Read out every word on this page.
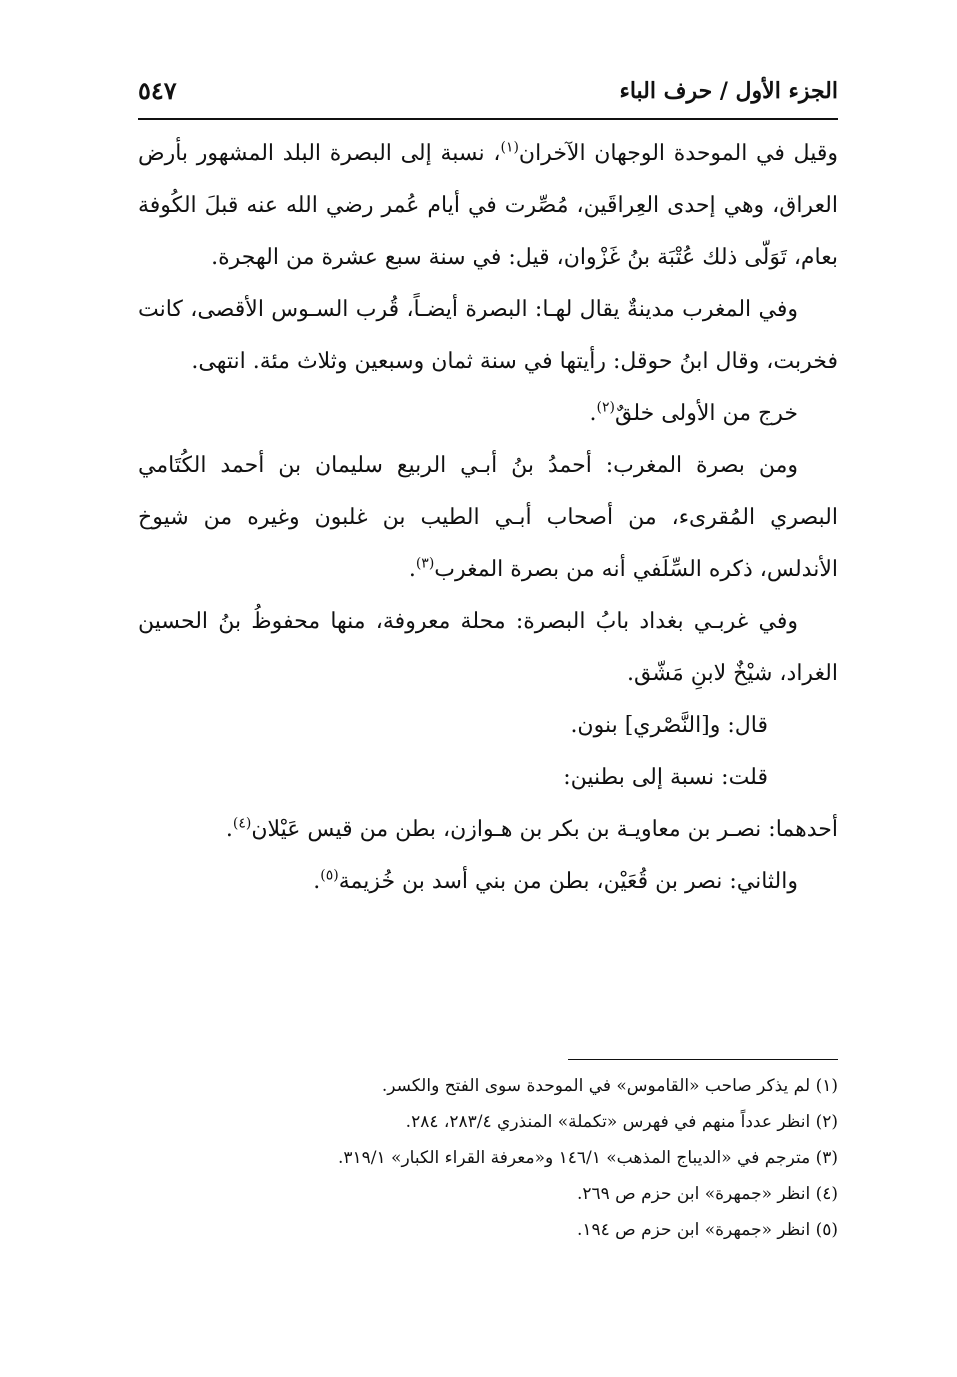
الجزء الأول / حرف الباء
٥٤٧

وقيل في الموحدة الوجهان الآخران$^{(١)}$، نسبة إلى البصرة البلد المشهور بأرض العراق، وهي إحدى العِراقَين، مُصِّرت في أيام عُمر رضي الله عنه قبلَ الكُوفة بعام، تَوَلّى ذلك عُتْبَة بنُ غَزْوان، قيل: في سنة سبع عشرة من الهجرة.

وفي المغرب مدينةٌ يقال لهـا: البصرة أيضـاً، قُرب السـوس الأقصى، كانت فخربت، وقال ابنُ حوقل: رأيتها في سنة ثمان وسبعين وثلاث مئة. انتهى.

خرج من الأولى خلقٌ$^{(٢)}$.

ومن بصرة المغرب: أحمدُ بنُ أبـي الربيع سليمان بن أحمد الكُتَامي البصري المُقرىء، من أصحاب أبـي الطيب بن غلبون وغيره من شيوخ الأندلس، ذكره السِّلَفي أنه من بصرة المغرب$^{(٣)}$.

وفي غربـي بغداد بابُ البصرة: محلة معروفة، منها محفوظُ بنُ الحسين الغراد، شيْخٌ لابنِ مَشّق.

قال: و[النَّصْري] بنون.

قلت: نسبة إلى بطنين:

أحدهما: نصـر بن معاويـة بن بكر بن هـوازن، بطن من قيس عَيْلان$^{(٤)}$.

والثاني: نصر بن قُعَيْن، بطن من بني أسد بن خُزيمة$^{(٥)}$.

(١) لم يذكر صاحب «القاموس» في الموحدة سوى الفتح والكسر.

(٢) انظر عدداً منهم في فهرس «تكملة» المنذري ٢٨٣/٤، ٢٨٤.

(٣) مترجم في «الديباج المذهب» ١٤٦/١ و«معرفة القراء الكبار» ٣١٩/١.

(٤) انظر «جمهرة» ابن حزم ص ٢٦٩.

(٥) انظر «جمهرة» ابن حزم ص ١٩٤.
